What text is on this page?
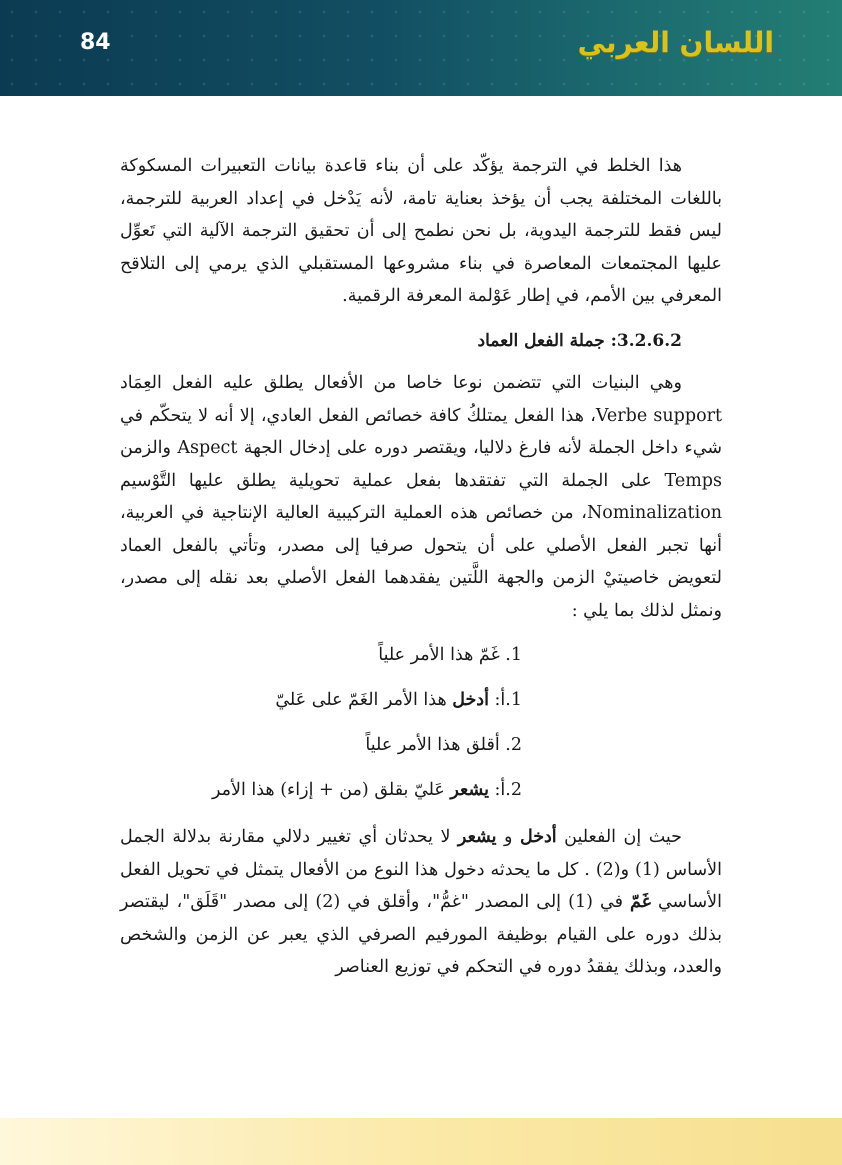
84	اللسان العربي

هذا الخلط في الترجمة يؤكّد على أن بناء قاعدة بيانات التعبيرات المسكوكة باللغات المختلفة يجب أن يؤخذ بعناية تامة، لأنه يَدْخل في إعداد العربية للترجمة، ليس فقط للترجمة اليدوية، بل نحن نطمح إلى أن تحقيق الترجمة الآلية التي تَعوِّل عليها المجتمعات المعاصرة في بناء مشروعها المستقبلي الذي يرمي إلى التلاقح المعرفي بين الأمم، في إطار عَوْلمة المعرفة الرقمية.

3.2.6.2: جملة الفعل العماد

وهي البنيات التي تتضمن نوعا خاصا من الأفعال يطلق عليه الفعل العِمَاد Verbe support، هذا الفعل يمتلكُ كافة خصائص الفعل العادي، إلا أنه لا يتحكّم في شيء داخل الجملة لأنه فارغ دلاليا، ويقتصر دوره على إدخال الجهة Aspect والزمن Temps على الجملة التي تفتقدها بفعل عملية تحويلية يطلق عليها التَّوْسيم Nominalization، من خصائص هذه العملية التركيبية العالية الإنتاجية في العربية، أنها تجبر الفعل الأصلي على أن يتحول صرفيا إلى مصدر، وتأتي بالفعل العماد لتعويض خاصيتيْ الزمن والجهة اللَّتين يفقدهما الفعل الأصلي بعد نقله إلى مصدر، ونمثل لذلك بما يلي :

1. غَمّ هذا الأمر علياً
1.أ: أدخل هذا الأمر الغَمّ على عَليّ
2. أقلق هذا الأمر علياً
2.أ: يشعر عَليّ بقلق (من + إزاء) هذا الأمر

حيث إن الفعلين أدخل و يشعر لا يحدثان أي تغيير دلالي مقارنة بدلالة الجمل الأساس (1) و(2) . كل ما يحدثه دخول هذا النوع من الأفعال يتمثل في تحويل الفعل الأساسي غَمّ في (1) إلى المصدر "غمُّ"، وأقلق في (2) إلى مصدر "قَلَق"، ليقتصر بذلك دوره على القيام بوظيفة المورفيم الصرفي الذي يعبر عن الزمن والشخص والعدد، وبذلك يفقدُ دوره في التحكم في توزيع العناصر
